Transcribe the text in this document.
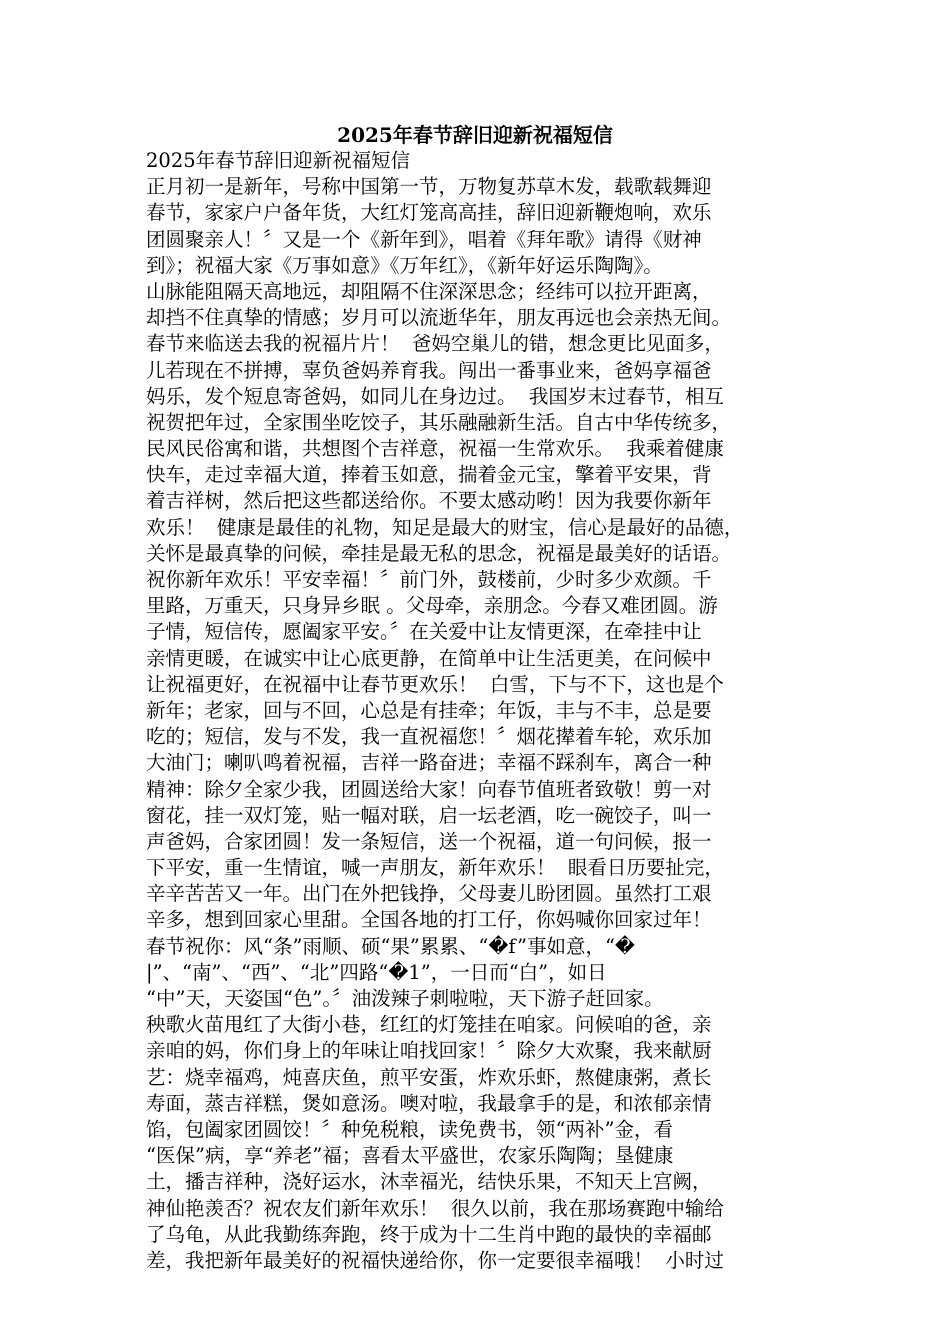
2025年春节辞旧迎新祝福短信
2025年春节辞旧迎新祝福短信
正月初一是新年，号称中国第一节，万物复苏草木发，载歌载舞迎
春节，家家户户备年货，大红灯笼高高挂，辞旧迎新鞭炮响，欢乐
团圆聚亲人！〞又是一个《新年到》，唱着《拜年歌》请得《财神
到》；祝福大家《万事如意》《万年红》，《新年好运乐陶陶》。
山脉能阻隔天高地远，却阻隔不住深深思念；经纬可以拉开距离，
却挡不住真挚的情感；岁月可以流逝华年，朋友再远也会亲热无间。
春节来临送去我的祝福片片！  爸妈空巢儿的错，想念更比见面多，
儿若现在不拼搏，辜负爸妈养育我。闯出一番事业来，爸妈享福爸
妈乐，发个短息寄爸妈，如同儿在身边过。  我国岁末过春节，相互
祝贺把年过，全家围坐吃饺子，其乐融融新生活。自古中华传统多，
民风民俗寓和谐，共想图个吉祥意，祝福一生常欢乐。  我乘着健康
快车，走过幸福大道，捧着玉如意，揣着金元宝，擎着平安果，背
着吉祥树，然后把这些都送给你。不要太感动哟！因为我要你新年
欢乐！  健康是最佳的礼物，知足是最大的财宝，信心是最好的品德，
关怀是最真挚的问候，牵挂是最无私的思念，祝福是最美好的话语。
祝你新年欢乐！平安幸福！〞前门外，鼓楼前，少时多少欢颜。千
里路，万重天，只身异乡眠 。父母牵，亲朋念。今春又难团圆。游
子情，短信传，愿阖家平安。〞在关爱中让友情更深，在牵挂中让
亲情更暖，在诚实中让心底更静，在简单中让生活更美，在问候中
让祝福更好，在祝福中让春节更欢乐！  白雪，下与不下，这也是个
新年；老家，回与不回，心总是有挂牵；年饭，丰与不丰，总是要
吃的；短信，发与不发，我一直祝福您！〞烟花撵着车轮，欢乐加
大油门；喇叭鸣着祝福，吉祥一路奋进；幸福不踩刹车，离合一种
精神：除夕全家少我，团圆送给大家！向春节值班者致敬！剪一对
窗花，挂一双灯笼，贴一幅对联，启一坛老酒，吃一碗饺子，叫一
声爸妈，合家团圆！发一条短信，送一个祝福，道一句问候，报一
下平安，重一生情谊，喊一声朋友，新年欢乐！  眼看日历要扯完，
辛辛苦苦又一年。出门在外把钱挣，父母妻儿盼团圆。虽然打工艰
辛多，想到回家心里甜。全国各地的打工仔，你妈喊你回家过年！
春节祝你：风“条”雨顺、硕“果”累累、“�f”事如意，“�
|”、“南”、“西”、“北”四路“�1”，一日而“白”，如日
“中”天，天姿国“色”。〞油泼辣子刺啦啦，天下游子赶回家。
秧歌火苗甩红了大街小巷，红红的灯笼挂在咱家。问候咱的爸，亲
亲咱的妈，你们身上的年味让咱找回家！〞除夕大欢聚，我来献厨
艺：烧幸福鸡，炖喜庆鱼，煎平安蛋，炸欢乐虾，熬健康粥，煮长
寿面，蒸吉祥糕，煲如意汤。噢对啦，我最拿手的是，和浓郁亲情
馅，包阖家团圆饺！〞种免税粮，读免费书，领“两补”金，看
“医保”病，享“养老”福；喜看太平盛世，农家乐陶陶；垦健康
土，播吉祥种，浇好运水，沐幸福光，结快乐果，不知天上宫阙，
神仙艳羡否？祝农友们新年欢乐！  很久以前，我在那场赛跑中输给
了乌龟，从此我勤练奔跑，终于成为十二生肖中跑的最快的幸福邮
差，我把新年最美好的祝福快递给你，你一定要很幸福哦！  小时过
